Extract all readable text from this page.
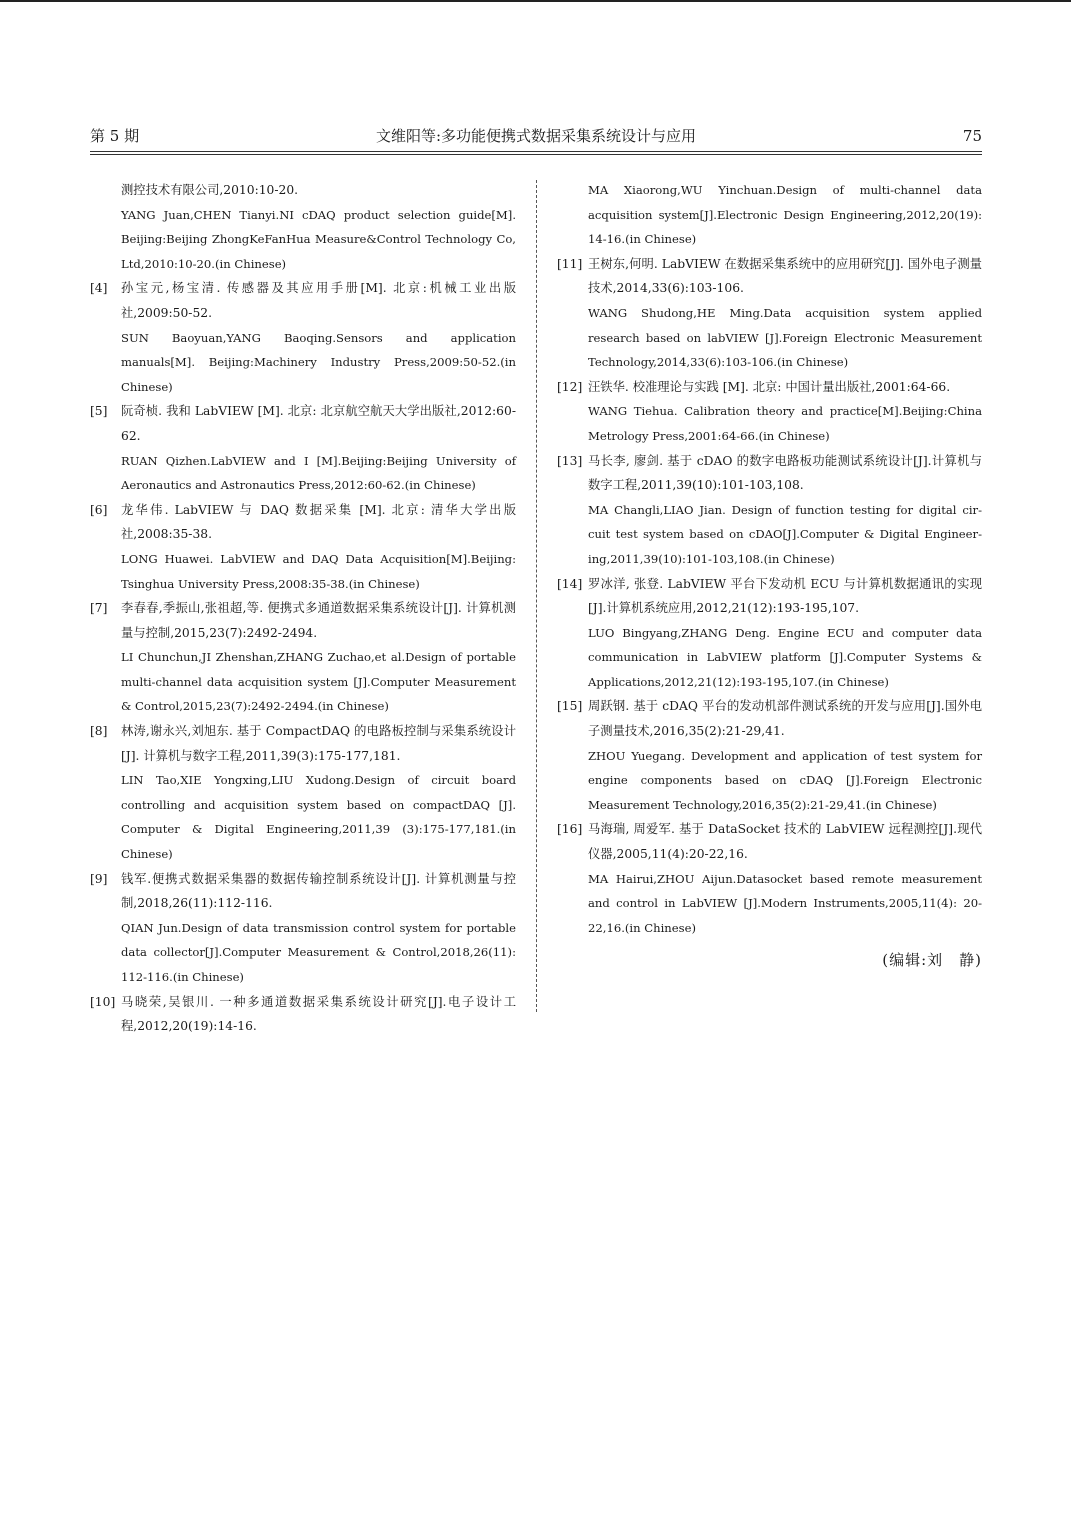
第 5 期	文维阳等:多功能便携式数据采集系统设计与应用	75
测控技术有限公司,2010:10-20.
YANG Juan,CHEN Tianyi.NI cDAQ product selection guide[M]. Beijing:Beijing ZhongKeFanHua Measure&Control Technology Co, Ltd,2010:10-20.(in Chinese)
[4] 孙宝元,杨宝清. 传感器及其应用手册[M]. 北京:机械工业出版社,2009:50-52.
SUN Baoyuan,YANG Baoqing.Sensors and application manuals[M]. Beijing:Machinery Industry Press,2009:50-52.(in Chinese)
[5] 阮奇桢. 我和 LabVIEW [M]. 北京: 北京航空航天大学出版社,2012:60-62.
RUAN Qizhen.LabVIEW and I [M].Beijing:Beijing University of Aeronautics and Astronautics Press,2012:60-62.(in Chinese)
[6] 龙华伟. LabVIEW 与 DAQ 数据采集 [M]. 北京: 清华大学出版社,2008:35-38.
LONG Huawei. LabVIEW and DAQ Data Acquisition[M].Beijing: Tsinghua University Press,2008:35-38.(in Chinese)
[7] 李春春,季振山,张祖超,等. 便携式多通道数据采集系统设计[J]. 计算机测量与控制,2015,23(7):2492-2494.
LI Chunchun,JI Zhenshan,ZHANG Zuchao,et al.Design of portable multi-channel data acquisition system [J].Computer Measurement & Control,2015,23(7):2492-2494.(in Chinese)
[8] 林涛,谢永兴,刘旭东. 基于 CompactDAQ 的电路板控制与采集系统设计[J]. 计算机与数字工程,2011,39(3):175-177,181.
LIN Tao,XIE Yongxing,LIU Xudong.Design of circuit board controlling and acquisition system based on compactDAQ [J]. Computer & Digital Engineering,2011,39 (3):175-177,181.(in Chinese)
[9] 钱军.便携式数据采集器的数据传输控制系统设计[J]. 计算机测量与控制,2018,26(11):112-116.
QIAN Jun.Design of data transmission control system for portable data collector[J].Computer Measurement & Control,2018,26(11): 112-116.(in Chinese)
[10] 马晓荣,吴银川. 一种多通道数据采集系统设计研究[J].电子设计工程,2012,20(19):14-16.
MA Xiaorong,WU Yinchuan.Design of multi-channel data acquisition system[J].Electronic Design Engineering,2012,20(19): 14-16.(in Chinese)
[11] 王树东,何明. LabVIEW 在数据采集系统中的应用研究[J]. 国外电子测量技术,2014,33(6):103-106.
WANG Shudong,HE Ming.Data acquisition system applied research based on labVIEW [J].Foreign Electronic Measurement Technology,2014,33(6):103-106.(in Chinese)
[12] 汪铁华. 校准理论与实践 [M]. 北京: 中国计量出版社,2001:64-66.
WANG Tiehua. Calibration theory and practice[M].Beijing:China Metrology Press,2001:64-66.(in Chinese)
[13] 马长李, 廖剑. 基于 cDAO 的数字电路板功能测试系统设计[J].计算机与数字工程,2011,39(10):101-103,108.
MA Changli,LIAO Jian. Design of function testing for digital cir-cuit test system based on cDAO[J].Computer & Digital Engineer-ing,2011,39(10):101-103,108.(in Chinese)
[14] 罗冰洋, 张登. LabVIEW 平台下发动机 ECU 与计算机数据通讯的实现[J].计算机系统应用,2012,21(12):193-195,107.
LUO Bingyang,ZHANG Deng. Engine ECU and computer data communication in LabVIEW platform [J].Computer Systems & Applications,2012,21(12):193-195,107.(in Chinese)
[15] 周跃钢. 基于 cDAQ 平台的发动机部件测试系统的开发与应用[J].国外电子测量技术,2016,35(2):21-29,41.
ZHOU Yuegang. Development and application of test system for engine components based on cDAQ [J].Foreign Electronic Measurement Technology,2016,35(2):21-29,41.(in Chinese)
[16] 马海瑞, 周爱军. 基于 DataSocket 技术的 LabVIEW 远程测控[J].现代仪器,2005,11(4):20-22,16.
MA Hairui,ZHOU Aijun.Datasocket based remote measurement and control in LabVIEW [J].Modern Instruments,2005,11(4): 20-22,16.(in Chinese)
(编辑:刘　静)
